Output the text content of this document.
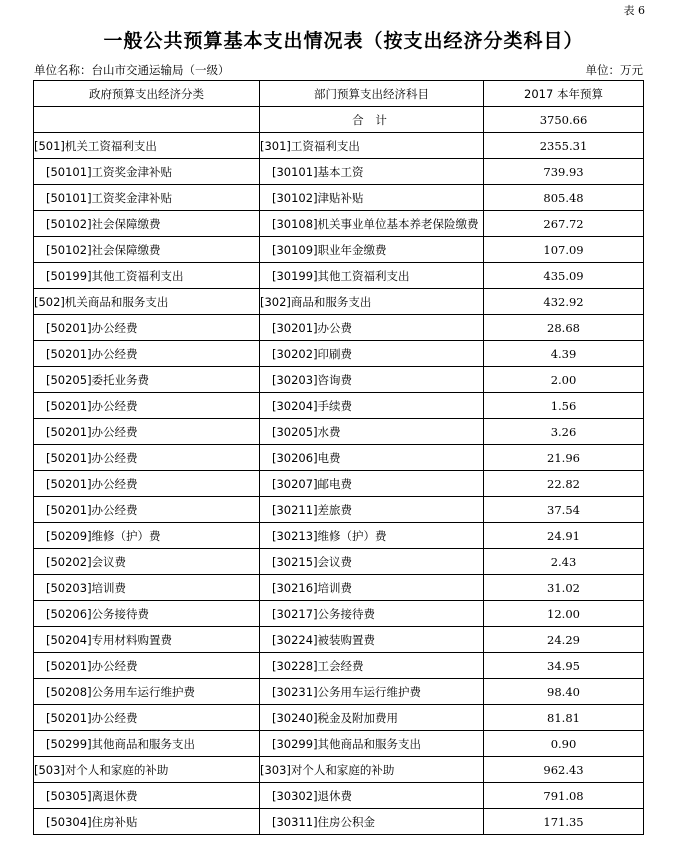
表 6
一般公共预算基本支出情况表（按支出经济分类科目）
单位名称：台山市交通运输局（一级）	单位：万元
政府预算支出经济分类	部门预算支出经济科目	2017 本年预算
	合 计	3750.66
[501]机关工资福利支出	[301]工资福利支出	2355.31
[50101]工资奖金津补贴	[30101]基本工资	739.93
[50101]工资奖金津补贴	[30102]津贴补贴	805.48
[50102]社会保障缴费	[30108]机关事业单位基本养老保险缴费	267.72
[50102]社会保障缴费	[30109]职业年金缴费	107.09
[50199]其他工资福利支出	[30199]其他工资福利支出	435.09
[502]机关商品和服务支出	[302]商品和服务支出	432.92
[50201]办公经费	[30201]办公费	28.68
[50201]办公经费	[30202]印刷费	4.39
[50205]委托业务费	[30203]咨询费	2.00
[50201]办公经费	[30204]手续费	1.56
[50201]办公经费	[30205]水费	3.26
[50201]办公经费	[30206]电费	21.96
[50201]办公经费	[30207]邮电费	22.82
[50201]办公经费	[30211]差旅费	37.54
[50209]维修（护）费	[30213]维修（护）费	24.91
[50202]会议费	[30215]会议费	2.43
[50203]培训费	[30216]培训费	31.02
[50206]公务接待费	[30217]公务接待费	12.00
[50204]专用材料购置费	[30224]被装购置费	24.29
[50201]办公经费	[30228]工会经费	34.95
[50208]公务用车运行维护费	[30231]公务用车运行维护费	98.40
[50201]办公经费	[30240]税金及附加费用	81.81
[50299]其他商品和服务支出	[30299]其他商品和服务支出	0.90
[503]对个人和家庭的补助	[303]对个人和家庭的补助	962.43
[50305]离退休费	[30302]退休费	791.08
[50304]住房补贴	[30311]住房公积金	171.35
